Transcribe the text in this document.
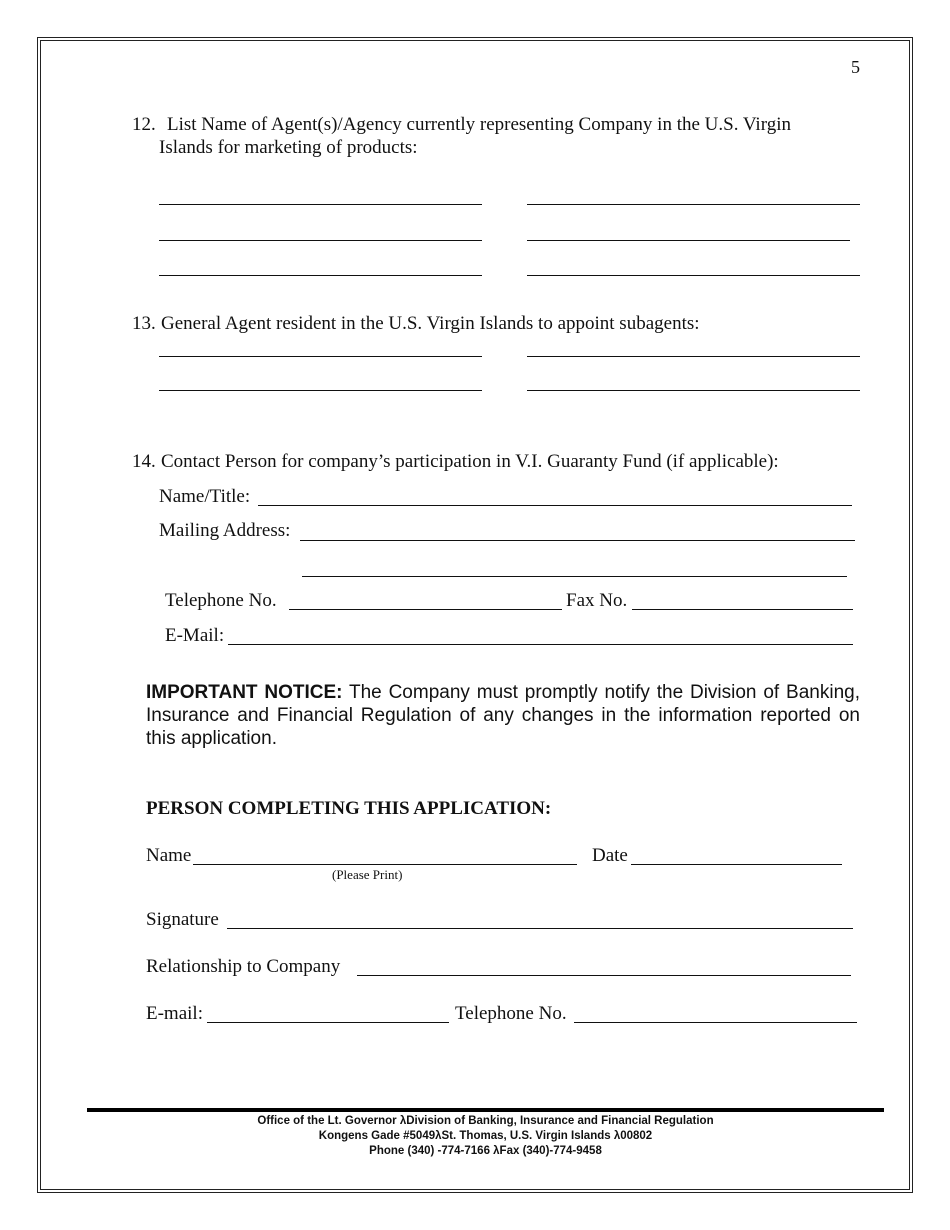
5
12. List Name of Agent(s)/Agency currently representing Company in the U.S. Virgin
Islands for marketing of products:
13. General Agent resident in the U.S. Virgin Islands to appoint subagents:
14. Contact Person for company’s participation in V.I. Guaranty Fund (if applicable):
Name/Title:
Mailing Address:
Telephone No.	Fax No.
E-Mail:
IMPORTANT NOTICE: The Company must promptly notify the Division of Banking, Insurance and Financial Regulation of any changes in the information reported on this application.
PERSON COMPLETING THIS APPLICATION:
Name
(Please Print)
Date
Signature
Relationship to Company
E-mail:	Telephone No.
Office of the Lt. Governor λDivision of Banking, Insurance and Financial Regulation
Kongens Gade #5049λSt. Thomas, U.S. Virgin Islands λ00802
Phone (340) -774-7166 λFax (340)-774-9458
